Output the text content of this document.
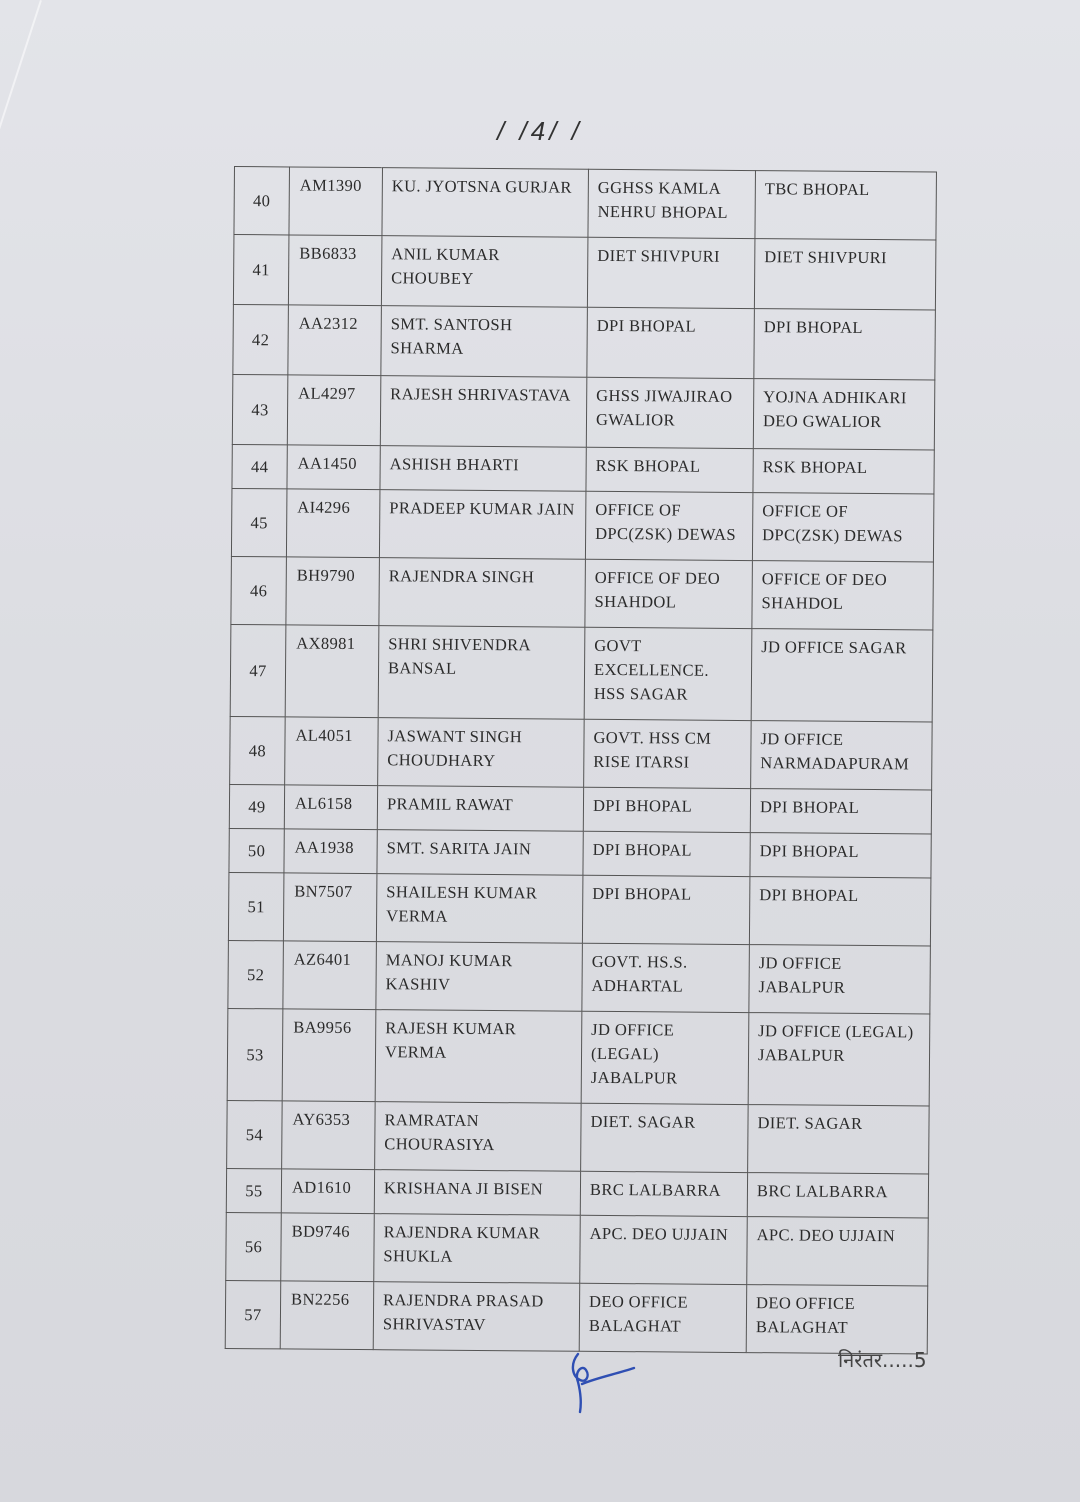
/ /4/ /
40	AM1390	KU. JYOTSNA GURJAR	GGHSS KAMLA NEHRU BHOPAL	TBC BHOPAL
41	BB6833	ANIL KUMAR CHOUBEY	DIET SHIVPURI	DIET SHIVPURI
42	AA2312	SMT. SANTOSH SHARMA	DPI BHOPAL	DPI BHOPAL
43	AL4297	RAJESH SHRIVASTAVA	GHSS JIWAJIRAO GWALIOR	YOJNA ADHIKARI DEO GWALIOR
44	AA1450	ASHISH BHARTI	RSK BHOPAL	RSK BHOPAL
45	AI4296	PRADEEP KUMAR JAIN	OFFICE OF DPC(ZSK) DEWAS	OFFICE OF DPC(ZSK) DEWAS
46	BH9790	RAJENDRA SINGH	OFFICE OF DEO SHAHDOL	OFFICE OF DEO SHAHDOL
47	AX8981	SHRI SHIVENDRA BANSAL	GOVT EXCELLENCE. HSS SAGAR	JD OFFICE SAGAR
48	AL4051	JASWANT SINGH CHOUDHARY	GOVT. HSS CM RISE ITARSI	JD OFFICE NARMADAPURAM
49	AL6158	PRAMIL RAWAT	DPI BHOPAL	DPI BHOPAL
50	AA1938	SMT. SARITA JAIN	DPI BHOPAL	DPI BHOPAL
51	BN7507	SHAILESH KUMAR VERMA	DPI BHOPAL	DPI BHOPAL
52	AZ6401	MANOJ KUMAR KASHIV	GOVT. HS.S. ADHARTAL	JD OFFICE JABALPUR
53	BA9956	RAJESH KUMAR VERMA	JD OFFICE (LEGAL) JABALPUR	JD OFFICE (LEGAL) JABALPUR
54	AY6353	RAMRATAN CHOURASIYA	DIET. SAGAR	DIET. SAGAR
55	AD1610	KRISHANA JI BISEN	BRC LALBARRA	BRC LALBARRA
56	BD9746	RAJENDRA KUMAR SHUKLA	APC. DEO UJJAIN	APC. DEO UJJAIN
57	BN2256	RAJENDRA PRASAD SHRIVASTAV	DEO OFFICE BALAGHAT	DEO OFFICE BALAGHAT
निरंतर.....5
